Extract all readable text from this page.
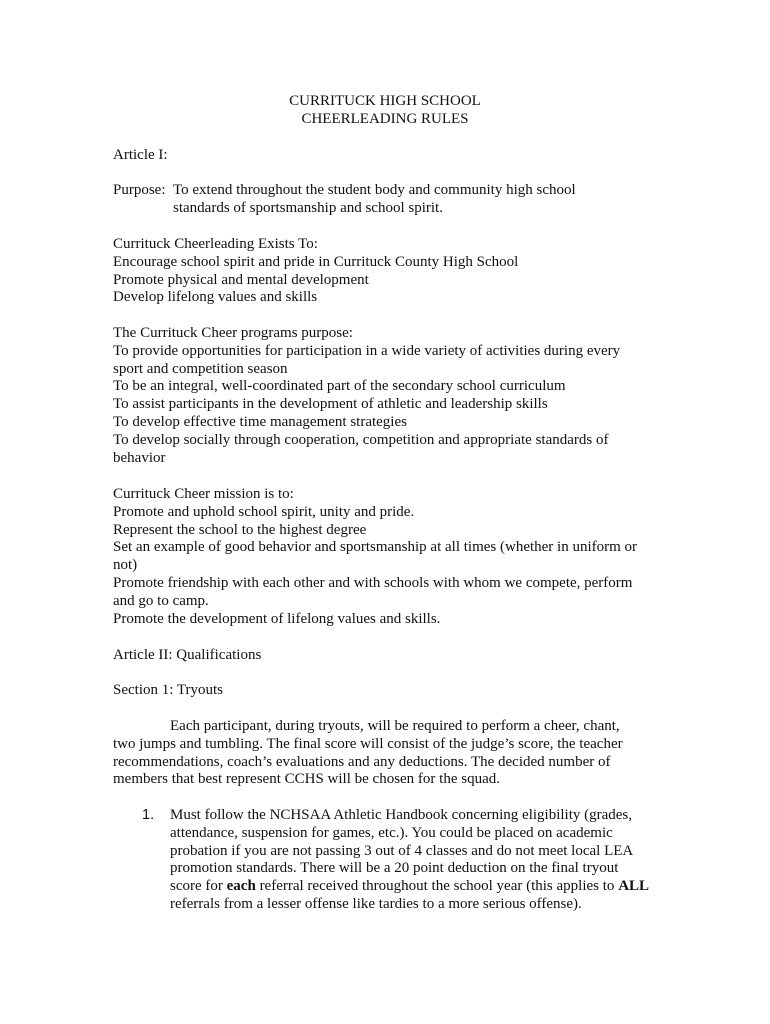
CURRITUCK HIGH SCHOOL
CHEERLEADING RULES
Article I:
Purpose: To extend throughout the student body and community high school
standards of sportsmanship and school spirit.
Currituck Cheerleading Exists To:
Encourage school spirit and pride in Currituck County High School
Promote physical and mental development
Develop lifelong values and skills
The Currituck Cheer programs purpose:
To provide opportunities for participation in a wide variety of activities during every
sport and competition season
To be an integral, well-coordinated part of the secondary school curriculum
To assist participants in the development of athletic and leadership skills
To develop effective time management strategies
To develop socially through cooperation, competition and appropriate standards of
behavior
Currituck Cheer mission is to:
Promote and uphold school spirit, unity and pride.
Represent the school to the highest degree
Set an example of good behavior and sportsmanship at all times (whether in uniform or
not)
Promote friendship with each other and with schools with whom we compete, perform
and go to camp.
Promote the development of lifelong values and skills.
Article II: Qualifications
Section 1: Tryouts
Each participant, during tryouts, will be required to perform a cheer, chant,
two jumps and tumbling. The final score will consist of the judge’s score, the teacher
recommendations, coach’s evaluations and any deductions. The decided number of
members that best represent CCHS will be chosen for the squad.
1. Must follow the NCHSAA Athletic Handbook concerning eligibility (grades,
attendance, suspension for games, etc.). You could be placed on academic
probation if you are not passing 3 out of 4 classes and do not meet local LEA
promotion standards. There will be a 20 point deduction on the final tryout
score for each referral received throughout the school year (this applies to ALL
referrals from a lesser offense like tardies to a more serious offense).
